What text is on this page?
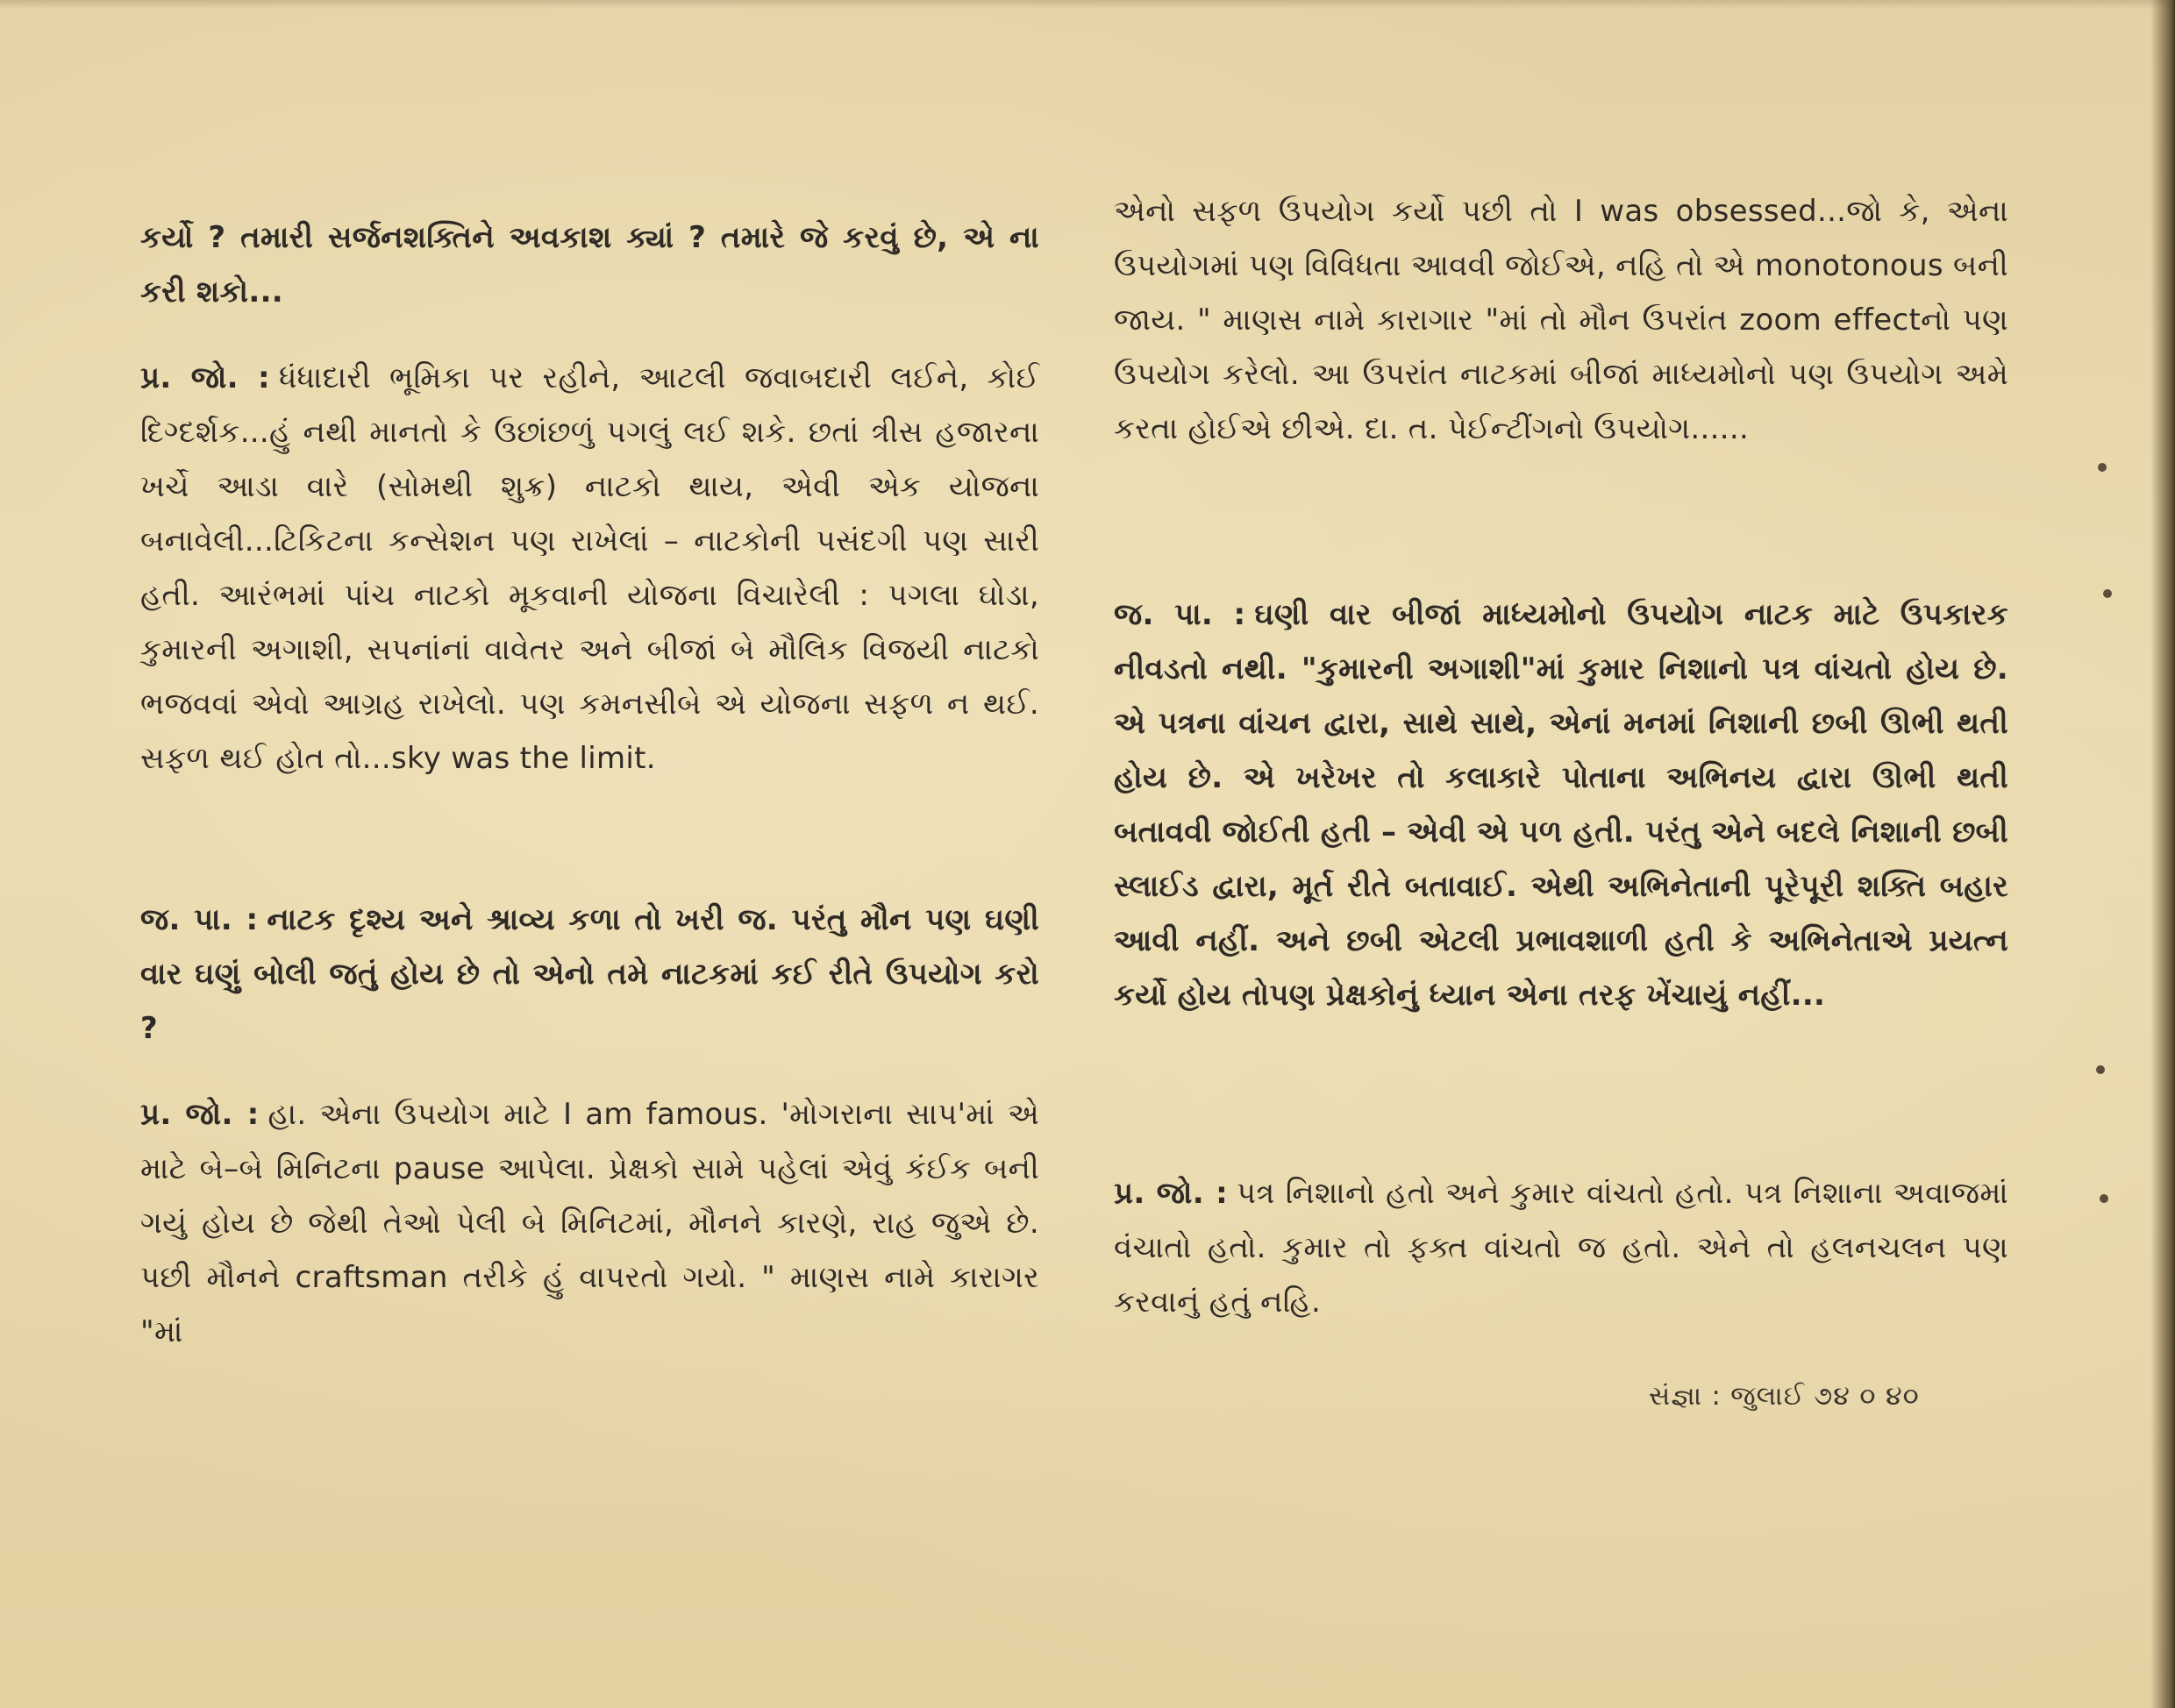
કર્યો ? તમારી સર્જનશક્તિને અવકાશ ક્યાં ? તમારે જે કરવું છે, એ ના કરી શકો...

પ્ર. જો. : ધંધાદારી ભૂમિકા પર રહીને, આટલી જવાબદારી લઈને, કોઈ દિગ્દર્શક...હું નથી માનતો કે ઉછાંછળું પગલું લઈ શકે. છતાં ત્રીસ હજારના ખર્ચે આડા વારે (સોમથી શુક્ર) નાટકો થાય, એવી એક યોજના બનાવેલી...ટિકિટના કન્સેશન પણ રાખેલાં – નાટકોની પસંદગી પણ સારી હતી. આરંભમાં પાંચ નાટકો મૂકવાની યોજના વિચારેલી : પગલા ઘોડા, કુમારની અગાશી, સપનાંનાં વાવેતર અને બીજાં બે મૌલિક વિજયી નાટકો ભજવવાં એવો આગ્રહ રાખેલો. પણ કમનસીબે એ યોજના સફળ ન થઈ. સફળ થઈ હોત તો...sky was the limit.

જ. પા. : નાટક દૃશ્ય અને શ્રાવ્ય કળા તો ખરી જ. પરંતુ મૌન પણ ઘણી વાર ઘણું બોલી જતું હોય છે તો એનો તમે નાટકમાં કઈ રીતે ઉપયોગ કરો ?

પ્ર. જો. : હા. એના ઉપયોગ માટે I am famous. 'મોગરાના સાપ'માં એ માટે બે–બે મિનિટના pause આપેલા. પ્રેક્ષકો સામે પહેલાં એવું કંઈક બની ગયું હોય છે જેથી તેઓ પેલી બે મિનિટમાં, મૌનને કારણે, રાહ જુએ છે. પછી મૌનને craftsman તરીકે હું વાપરતો ગયો. " માણસ નામે કારાગર "માં

એનો સફળ ઉપયોગ કર્યો પછી તો I was obsessed...જો કે, એના ઉપયોગમાં પણ વિવિધતા આવવી જોઈએ, નહિ તો એ monotonous બની જાય. " માણસ નામે કારાગાર "માં તો મૌન ઉપરાંત zoom effectનો પણ ઉપયોગ કરેલો. આ ઉપરાંત નાટકમાં બીજાં માધ્યમોનો પણ ઉપયોગ અમે કરતા હોઈએ છીએ. દા. ત. પેઈન્ટીંગનો ઉપયોગ......

જ. પા. : ઘણી વાર બીજાં માધ્યમોનો ઉપયોગ નાટક માટે ઉપકારક નીવડતો નથી. "કુમારની અગાશી"માં કુમાર નિશાનો પત્ર વાંચતો હોય છે. એ પત્રના વાંચન દ્વારા, સાથે સાથે, એનાં મનમાં નિશાની છબી ઊભી થતી હોય છે. એ ખરેખર તો કલાકારે પોતાના અભિનય દ્વારા ઊભી થતી બતાવવી જોઈતી હતી – એવી એ પળ હતી. પરંતુ એને બદલે નિશાની છબી સ્લાઈડ દ્વારા, મૂર્ત રીતે બતાવાઈ. એથી અભિનેતાની પૂરેપૂરી શક્તિ બહાર આવી નહીં. અને છબી એટલી પ્રભાવશાળી હતી કે અભિનેતાએ પ્રયત્ન કર્યો હોય તોપણ પ્રેક્ષકોનું ધ્યાન એના તરફ ખેંચાયું નહીં...

પ્ર. જો. : પત્ર નિશાનો હતો અને કુમાર વાંચતો હતો. પત્ર નિશાના અવાજમાં વંચાતો હતો. કુમાર તો ફક્ત વાંચતો જ હતો. એને તો હલનચલન પણ કરવાનું હતું નહિ.

સંજ્ઞા : જુલાઈ ૭૪ ૦ ૪૦
